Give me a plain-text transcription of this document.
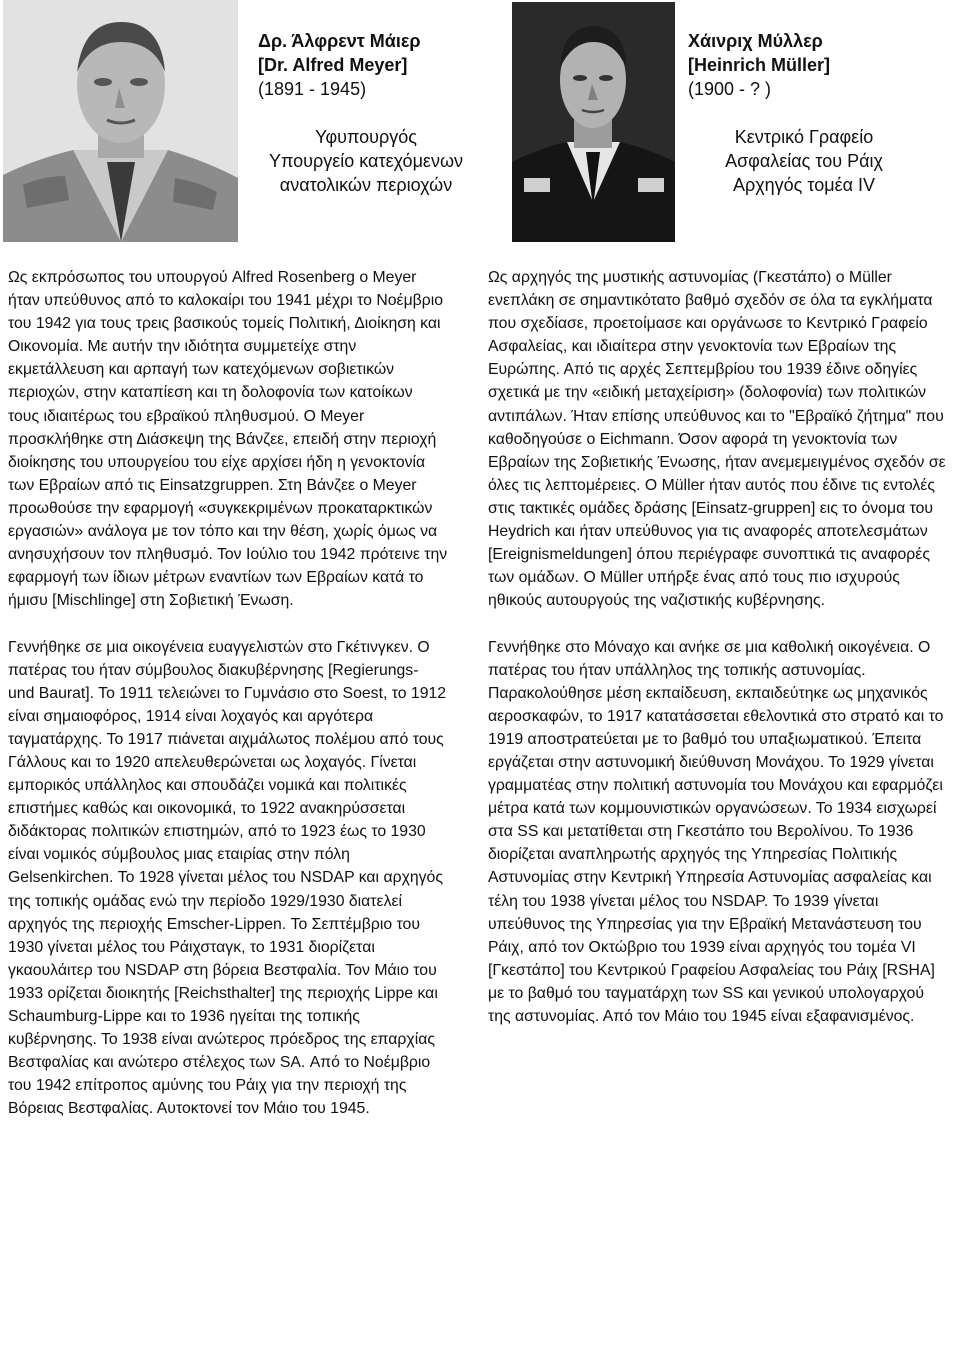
Δρ. Άλφρεντ Μάιερ
[Dr. Alfred Meyer]
(1891 - 1945)
Υφυπουργός
Υπουργείο κατεχόμενων
ανατολικών περιοχών
Χάινριχ Μύλλερ
[Heinrich Müller]
(1900 - ? )
Κεντρικό Γραφείο
Ασφαλείας του Ράιχ
Αρχηγός τομέα IV

Ως εκπρόσωπος του υπουργού Alfred Rosenberg ο Meyer ήταν υπεύθυνος από το καλοκαίρι του 1941 μέχρι το Νοέμβριο του 1942 για τους τρεις βασικούς τομείς Πολιτική, Διοίκηση και Οικονομία. Με αυτήν την ιδιότητα συμμετείχε στην εκμετάλλευση και αρπαγή των κατεχόμενων σοβιετικών περιοχών, στην καταπίεση και τη δολοφονία των κατοίκων τους ιδιαιτέρως του εβραϊκού πληθυσμού. Ο Meyer προσκλήθηκε στη Διάσκεψη της Βάνζεε, επειδή στην περιοχή διοίκησης του υπουργείου του είχε αρχίσει ήδη η γενοκτονία των Εβραίων από τις Einsatzgruppen. Στη Βάνζεε ο Meyer προωθούσε την εφαρμογή «συγκεκριμένων προκαταρκτικών εργασιών» ανάλογα με τον τόπο και την θέση, χωρίς όμως να ανησυχήσουν τον πληθυσμό. Τον Ιούλιο του 1942 πρότεινε την εφαρμογή των ίδιων μέτρων εναντίων των Εβραίων κατά το ήμισυ [Mischlinge] στη Σοβιετική Ένωση.

Γεννήθηκε σε μια οικογένεια ευαγγελιστών στο Γκέτινγκεν. Ο πατέρας του ήταν σύμβουλος διακυβέρνησης [Regierungs- und Baurat]. Το 1911 τελειώνει το Γυμνάσιο στο Soest, το 1912 είναι σημαιοφόρος, 1914 είναι λοχαγός και αργότερα ταγματάρχης. Το 1917 πιάνεται αιχμάλωτος πολέμου από τους Γάλλους και το 1920 απελευθερώνεται ως λοχαγός. Γίνεται εμπορικός υπάλληλος και σπουδάζει νομικά και πολιτικές επιστήμες καθώς και οικονομικά, το 1922 ανακηρύσσεται διδάκτορας πολιτικών επιστημών, από το 1923 έως το 1930 είναι νομικός σύμβουλος μιας εταιρίας στην πόλη Gelsenkirchen. Το 1928 γίνεται μέλος του NSDAP και αρχηγός της τοπικής ομάδας ενώ την περίοδο 1929/1930 διατελεί αρχηγός της περιοχής Emscher-Lippen. Το Σεπτέμβριο του 1930 γίνεται μέλος του Ράιχσταγκ, το 1931 διορίζεται γκαουλάιτερ του NSDAP στη βόρεια Βεστφαλία. Τον Μάιο του 1933 ορίζεται διοικητής [Reichsthalter] της περιοχής Lippe και Schaumburg-Lippe και το 1936 ηγείται της τοπικής κυβέρνησης. Το 1938 είναι ανώτερος πρόεδρος της επαρχίας Βεστφαλίας και ανώτερο στέλεχος των SA. Από το Νοέμβριο του 1942 επίτροπος αμύνης του Ράιχ για την περιοχή της Βόρειας Βεστφαλίας. Αυτοκτονεί τον Μάιο του 1945.

Ως αρχηγός της μυστικής αστυνομίας (Γκεστάπο) ο Müller ενεπλάκη σε σημαντικότατο βαθμό σχεδόν σε όλα τα εγκλήματα που σχεδίασε, προετοίμασε και οργάνωσε το Κεντρικό Γραφείο Ασφαλείας, και ιδιαίτερα στην γενοκτονία των Εβραίων της Ευρώπης. Από τις αρχές Σεπτεμβρίου του 1939 έδινε οδηγίες σχετικά με την «ειδική μεταχείριση» (δολοφονία) των πολιτικών αντιπάλων. Ήταν επίσης υπεύθυνος και το "Εβραϊκό ζήτημα" που καθοδηγούσε ο Eichmann. Όσον αφορά τη γενοκτονία των Εβραίων της Σοβιετικής Ένωσης, ήταν ανεμεμειγμένος σχεδόν σε όλες τις λεπτομέρειες. Ο Müller ήταν αυτός που έδινε τις εντολές στις τακτικές ομάδες δράσης [Einsatz-gruppen] εις το όνομα του Heydrich και ήταν υπεύθυνος για τις αναφορές αποτελεσμάτων [Ereignismeldungen] όπου περιέγραφε συνοπτικά τις αναφορές των ομάδων. Ο Müller υπήρξε ένας από τους πιο ισχυρούς ηθικούς αυτουργούς της ναζιστικής κυβέρνησης.

Γεννήθηκε στο Μόναχο και ανήκε σε μια καθολική οικογένεια. Ο πατέρας του ήταν υπάλληλος της τοπικής αστυνομίας. Παρακολούθησε μέση εκπαίδευση, εκπαιδεύτηκε ως μηχανικός αεροσκαφών, το 1917 κατατάσσεται εθελοντικά στο στρατό και το 1919 αποστρατεύεται με το βαθμό του υπαξιωματικού. Έπειτα εργάζεται στην αστυνομική διεύθυνση Μονάχου. Το 1929 γίνεται γραμματέας στην πολιτική αστυνομία του Μονάχου και εφαρμόζει μέτρα κατά των κομμουνιστικών οργανώσεων. Το 1934 εισχωρεί στα SS και μετατίθεται στη Γκεστάπο του Βερολίνου. Το 1936 διορίζεται αναπληρωτής αρχηγός της Υπηρεσίας Πολιτικής Αστυνομίας στην Κεντρική Υπηρεσία Αστυνομίας ασφαλείας και τέλη του 1938 γίνεται μέλος του NSDAP. Το 1939 γίνεται υπεύθυνος της Υπηρεσίας για την Εβραϊκή Μετανάστευση του Ράιχ, από τον Οκτώβριο του 1939 είναι αρχηγός του τομέα VI [Γκεστάπο] του Κεντρικού Γραφείου Ασφαλείας του Ράιχ [RSHA] με το βαθμό του ταγματάρχη των SS και γενικού υπολογαρχού της αστυνομίας. Από τον Μάιο του 1945 είναι εξαφανισμένος.
